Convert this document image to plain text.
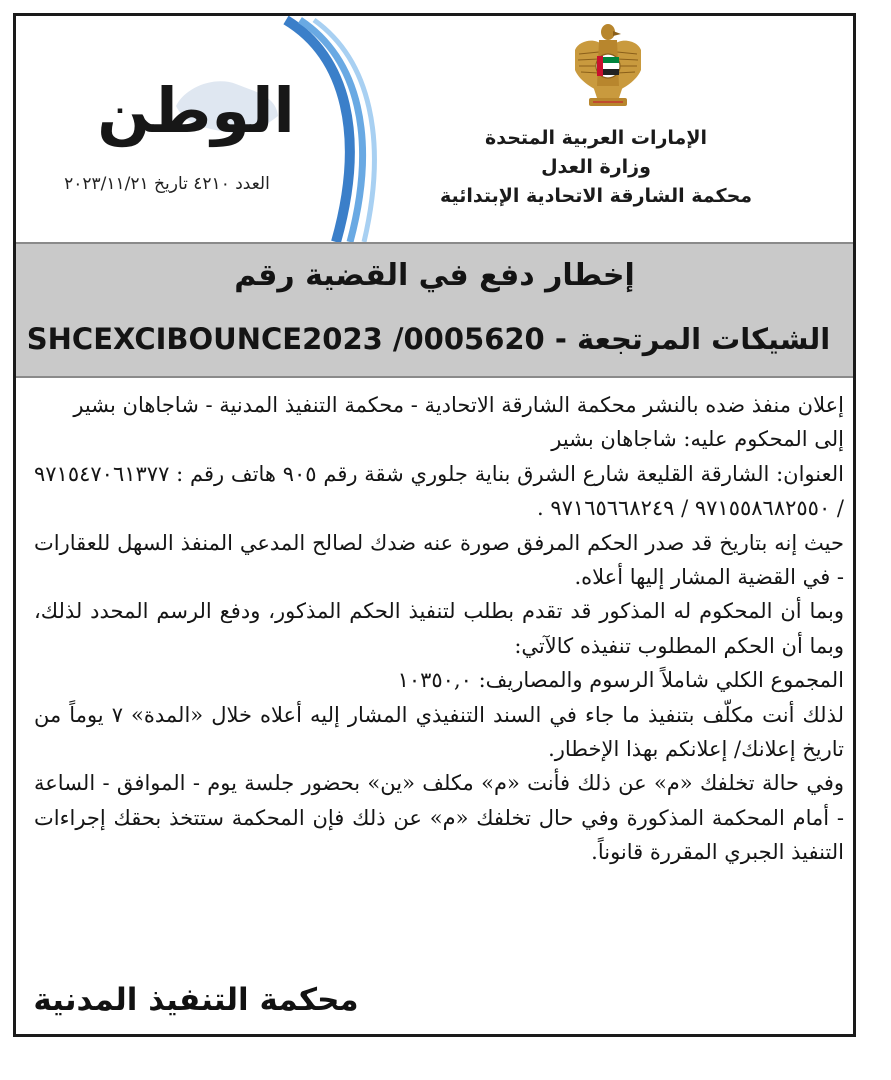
الإمارات العربية المتحدة
وزارة العدل
محكمة الشارقة الاتحادية الإبتدائية
الوطن
العدد ٤٢١٠ تاريخ ٢٠٢٣/١١/٢١
إخطار دفع في القضية رقم
الشيكات المرتجعة - SHCEXCIBOUNCE2023 /0005620

إعلان منفذ ضده بالنشر محكمة الشارقة الاتحادية - محكمة التنفيذ المدنية - شاجاهان بشير

إلى المحكوم عليه: شاجاهان بشير

العنوان: الشارقة القليعة شارع الشرق بناية جلوري شقة رقم ٩٠٥ هاتف رقم : ٩٧١٥٤٧٠٦١٣٧٧ / ٩٧١٥٥٨٦٨٢٥٥٠ / ٩٧١٦٥٦٦٨٢٤٩ .

حيث إنه بتاريخ قد صدر الحكم المرفق صورة عنه ضدك لصالح المدعي المنفذ السهل للعقارات - في القضية المشار إليها أعلاه.

وبما أن المحكوم له المذكور قد تقدم بطلب لتنفيذ الحكم المذكور، ودفع الرسم المحدد لذلك، وبما أن الحكم المطلوب تنفيذه كالآتي:

المجموع الكلي شاملاً الرسوم والمصاريف: ١٠٣٥٠,٠

لذلك أنت مكلّف بتنفيذ ما جاء في السند التنفيذي المشار إليه أعلاه خلال «المدة» ٧ يوماً من تاريخ إعلانك/ إعلانكم بهذا الإخطار.

وفي حالة تخلفك «م» عن ذلك فأنت «م» مكلف «ين» بحضور جلسة يوم - الموافق - الساعة - أمام المحكمة المذكورة وفي حال تخلفك «م» عن ذلك فإن المحكمة ستتخذ بحقك إجراءات التنفيذ الجبري المقررة قانوناً.

محكمة التنفيذ المدنية
